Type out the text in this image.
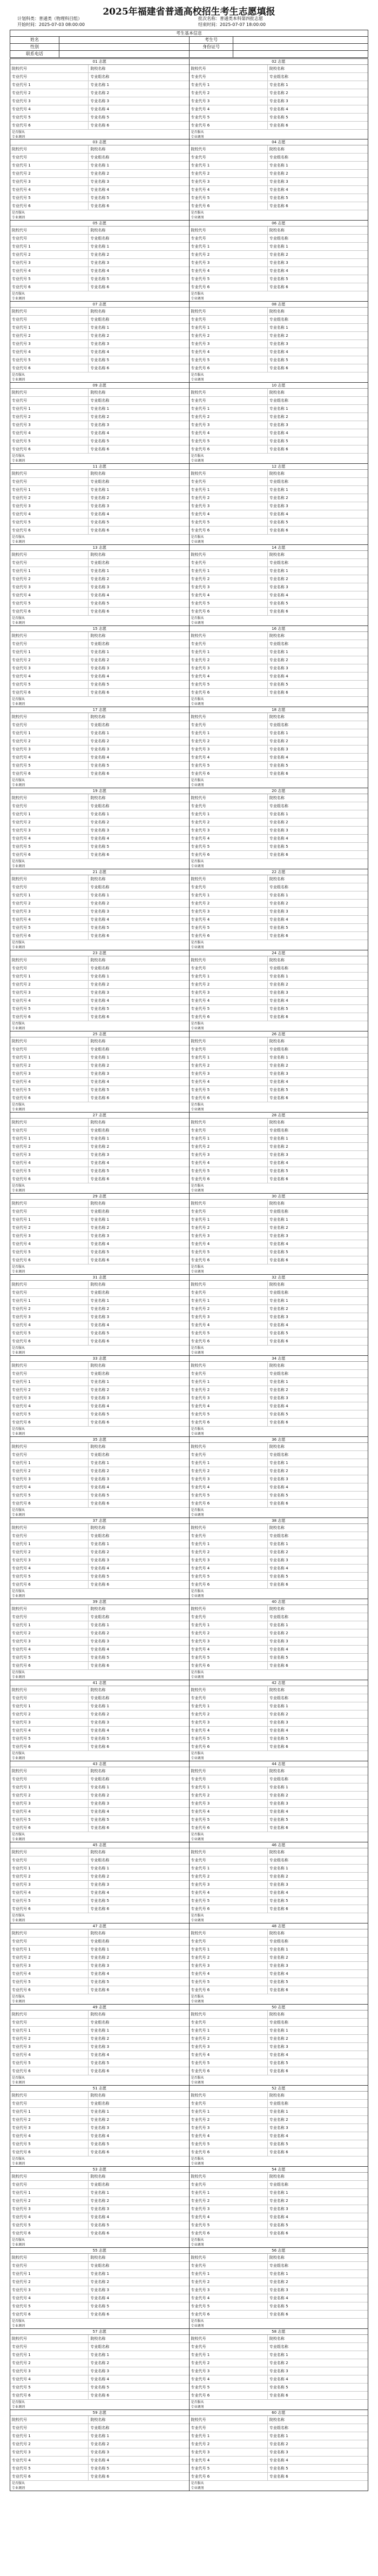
2025年福建省普通高校招生考生志愿填报
计划科类：普通类（物理科目组）	批次名称：普通类本科第四批志愿
开始时间：2025-07-03 08:00:00	结束时间：2025-07-07 18:00:00
考生基本信息
姓名	考生号
性别	身份证号
联系电话
01 志愿
院校代号	院校名称
专业代号	专业组名称
专业代号 1	专业名称 1
专业代号 2	专业名称 2
专业代号 3	专业名称 3
专业代号 4	专业名称 4
专业代号 5	专业名称 5
专业代号 6	专业名称 6
是否服从
专业调剂
02 志愿
院校代号	院校名称
专业代号	专业组名称
专业代号 1	专业名称 1
专业代号 2	专业名称 2
专业代号 3	专业名称 3
专业代号 4	专业名称 4
专业代号 5	专业名称 5
专业代号 6	专业名称 6
是否服从
专业调剂
03 志愿
院校代号	院校名称
专业代号	专业组名称
专业代号 1	专业名称 1
专业代号 2	专业名称 2
专业代号 3	专业名称 3
专业代号 4	专业名称 4
专业代号 5	专业名称 5
专业代号 6	专业名称 6
是否服从
专业调剂
04 志愿
院校代号	院校名称
专业代号	专业组名称
专业代号 1	专业名称 1
专业代号 2	专业名称 2
专业代号 3	专业名称 3
专业代号 4	专业名称 4
专业代号 5	专业名称 5
专业代号 6	专业名称 6
是否服从
专业调剂
05 志愿
院校代号	院校名称
专业代号	专业组名称
专业代号 1	专业名称 1
专业代号 2	专业名称 2
专业代号 3	专业名称 3
专业代号 4	专业名称 4
专业代号 5	专业名称 5
专业代号 6	专业名称 6
是否服从
专业调剂
06 志愿
院校代号	院校名称
专业代号	专业组名称
专业代号 1	专业名称 1
专业代号 2	专业名称 2
专业代号 3	专业名称 3
专业代号 4	专业名称 4
专业代号 5	专业名称 5
专业代号 6	专业名称 6
是否服从
专业调剂
07 志愿
院校代号	院校名称
专业代号	专业组名称
专业代号 1	专业名称 1
专业代号 2	专业名称 2
专业代号 3	专业名称 3
专业代号 4	专业名称 4
专业代号 5	专业名称 5
专业代号 6	专业名称 6
是否服从
专业调剂
08 志愿
院校代号	院校名称
专业代号	专业组名称
专业代号 1	专业名称 1
专业代号 2	专业名称 2
专业代号 3	专业名称 3
专业代号 4	专业名称 4
专业代号 5	专业名称 5
专业代号 6	专业名称 6
是否服从
专业调剂
09 志愿
院校代号	院校名称
专业代号	专业组名称
专业代号 1	专业名称 1
专业代号 2	专业名称 2
专业代号 3	专业名称 3
专业代号 4	专业名称 4
专业代号 5	专业名称 5
专业代号 6	专业名称 6
是否服从
专业调剂
10 志愿
院校代号	院校名称
专业代号	专业组名称
专业代号 1	专业名称 1
专业代号 2	专业名称 2
专业代号 3	专业名称 3
专业代号 4	专业名称 4
专业代号 5	专业名称 5
专业代号 6	专业名称 6
是否服从
专业调剂
11 志愿
院校代号	院校名称
专业代号	专业组名称
专业代号 1	专业名称 1
专业代号 2	专业名称 2
专业代号 3	专业名称 3
专业代号 4	专业名称 4
专业代号 5	专业名称 5
专业代号 6	专业名称 6
是否服从
专业调剂
12 志愿
院校代号	院校名称
专业代号	专业组名称
专业代号 1	专业名称 1
专业代号 2	专业名称 2
专业代号 3	专业名称 3
专业代号 4	专业名称 4
专业代号 5	专业名称 5
专业代号 6	专业名称 6
是否服从
专业调剂
13 志愿
院校代号	院校名称
专业代号	专业组名称
专业代号 1	专业名称 1
专业代号 2	专业名称 2
专业代号 3	专业名称 3
专业代号 4	专业名称 4
专业代号 5	专业名称 5
专业代号 6	专业名称 6
是否服从
专业调剂
14 志愿
院校代号	院校名称
专业代号	专业组名称
专业代号 1	专业名称 1
专业代号 2	专业名称 2
专业代号 3	专业名称 3
专业代号 4	专业名称 4
专业代号 5	专业名称 5
专业代号 6	专业名称 6
是否服从
专业调剂
15 志愿
院校代号	院校名称
专业代号	专业组名称
专业代号 1	专业名称 1
专业代号 2	专业名称 2
专业代号 3	专业名称 3
专业代号 4	专业名称 4
专业代号 5	专业名称 5
专业代号 6	专业名称 6
是否服从
专业调剂
16 志愿
院校代号	院校名称
专业代号	专业组名称
专业代号 1	专业名称 1
专业代号 2	专业名称 2
专业代号 3	专业名称 3
专业代号 4	专业名称 4
专业代号 5	专业名称 5
专业代号 6	专业名称 6
是否服从
专业调剂
17 志愿
院校代号	院校名称
专业代号	专业组名称
专业代号 1	专业名称 1
专业代号 2	专业名称 2
专业代号 3	专业名称 3
专业代号 4	专业名称 4
专业代号 5	专业名称 5
专业代号 6	专业名称 6
是否服从
专业调剂
18 志愿
院校代号	院校名称
专业代号	专业组名称
专业代号 1	专业名称 1
专业代号 2	专业名称 2
专业代号 3	专业名称 3
专业代号 4	专业名称 4
专业代号 5	专业名称 5
专业代号 6	专业名称 6
是否服从
专业调剂
19 志愿
院校代号	院校名称
专业代号	专业组名称
专业代号 1	专业名称 1
专业代号 2	专业名称 2
专业代号 3	专业名称 3
专业代号 4	专业名称 4
专业代号 5	专业名称 5
专业代号 6	专业名称 6
是否服从
专业调剂
20 志愿
院校代号	院校名称
专业代号	专业组名称
专业代号 1	专业名称 1
专业代号 2	专业名称 2
专业代号 3	专业名称 3
专业代号 4	专业名称 4
专业代号 5	专业名称 5
专业代号 6	专业名称 6
是否服从
专业调剂
21 志愿
院校代号	院校名称
专业代号	专业组名称
专业代号 1	专业名称 1
专业代号 2	专业名称 2
专业代号 3	专业名称 3
专业代号 4	专业名称 4
专业代号 5	专业名称 5
专业代号 6	专业名称 6
是否服从
专业调剂
22 志愿
院校代号	院校名称
专业代号	专业组名称
专业代号 1	专业名称 1
专业代号 2	专业名称 2
专业代号 3	专业名称 3
专业代号 4	专业名称 4
专业代号 5	专业名称 5
专业代号 6	专业名称 6
是否服从
专业调剂
23 志愿
院校代号	院校名称
专业代号	专业组名称
专业代号 1	专业名称 1
专业代号 2	专业名称 2
专业代号 3	专业名称 3
专业代号 4	专业名称 4
专业代号 5	专业名称 5
专业代号 6	专业名称 6
是否服从
专业调剂
24 志愿
院校代号	院校名称
专业代号	专业组名称
专业代号 1	专业名称 1
专业代号 2	专业名称 2
专业代号 3	专业名称 3
专业代号 4	专业名称 4
专业代号 5	专业名称 5
专业代号 6	专业名称 6
是否服从
专业调剂
25 志愿
院校代号	院校名称
专业代号	专业组名称
专业代号 1	专业名称 1
专业代号 2	专业名称 2
专业代号 3	专业名称 3
专业代号 4	专业名称 4
专业代号 5	专业名称 5
专业代号 6	专业名称 6
是否服从
专业调剂
26 志愿
院校代号	院校名称
专业代号	专业组名称
专业代号 1	专业名称 1
专业代号 2	专业名称 2
专业代号 3	专业名称 3
专业代号 4	专业名称 4
专业代号 5	专业名称 5
专业代号 6	专业名称 6
是否服从
专业调剂
27 志愿
院校代号	院校名称
专业代号	专业组名称
专业代号 1	专业名称 1
专业代号 2	专业名称 2
专业代号 3	专业名称 3
专业代号 4	专业名称 4
专业代号 5	专业名称 5
专业代号 6	专业名称 6
是否服从
专业调剂
28 志愿
院校代号	院校名称
专业代号	专业组名称
专业代号 1	专业名称 1
专业代号 2	专业名称 2
专业代号 3	专业名称 3
专业代号 4	专业名称 4
专业代号 5	专业名称 5
专业代号 6	专业名称 6
是否服从
专业调剂
29 志愿
院校代号	院校名称
专业代号	专业组名称
专业代号 1	专业名称 1
专业代号 2	专业名称 2
专业代号 3	专业名称 3
专业代号 4	专业名称 4
专业代号 5	专业名称 5
专业代号 6	专业名称 6
是否服从
专业调剂
30 志愿
院校代号	院校名称
专业代号	专业组名称
专业代号 1	专业名称 1
专业代号 2	专业名称 2
专业代号 3	专业名称 3
专业代号 4	专业名称 4
专业代号 5	专业名称 5
专业代号 6	专业名称 6
是否服从
专业调剂
31 志愿
院校代号	院校名称
专业代号	专业组名称
专业代号 1	专业名称 1
专业代号 2	专业名称 2
专业代号 3	专业名称 3
专业代号 4	专业名称 4
专业代号 5	专业名称 5
专业代号 6	专业名称 6
是否服从
专业调剂
32 志愿
院校代号	院校名称
专业代号	专业组名称
专业代号 1	专业名称 1
专业代号 2	专业名称 2
专业代号 3	专业名称 3
专业代号 4	专业名称 4
专业代号 5	专业名称 5
专业代号 6	专业名称 6
是否服从
专业调剂
33 志愿
院校代号	院校名称
专业代号	专业组名称
专业代号 1	专业名称 1
专业代号 2	专业名称 2
专业代号 3	专业名称 3
专业代号 4	专业名称 4
专业代号 5	专业名称 5
专业代号 6	专业名称 6
是否服从
专业调剂
34 志愿
院校代号	院校名称
专业代号	专业组名称
专业代号 1	专业名称 1
专业代号 2	专业名称 2
专业代号 3	专业名称 3
专业代号 4	专业名称 4
专业代号 5	专业名称 5
专业代号 6	专业名称 6
是否服从
专业调剂
35 志愿
院校代号	院校名称
专业代号	专业组名称
专业代号 1	专业名称 1
专业代号 2	专业名称 2
专业代号 3	专业名称 3
专业代号 4	专业名称 4
专业代号 5	专业名称 5
专业代号 6	专业名称 6
是否服从
专业调剂
36 志愿
院校代号	院校名称
专业代号	专业组名称
专业代号 1	专业名称 1
专业代号 2	专业名称 2
专业代号 3	专业名称 3
专业代号 4	专业名称 4
专业代号 5	专业名称 5
专业代号 6	专业名称 6
是否服从
专业调剂
37 志愿
院校代号	院校名称
专业代号	专业组名称
专业代号 1	专业名称 1
专业代号 2	专业名称 2
专业代号 3	专业名称 3
专业代号 4	专业名称 4
专业代号 5	专业名称 5
专业代号 6	专业名称 6
是否服从
专业调剂
38 志愿
院校代号	院校名称
专业代号	专业组名称
专业代号 1	专业名称 1
专业代号 2	专业名称 2
专业代号 3	专业名称 3
专业代号 4	专业名称 4
专业代号 5	专业名称 5
专业代号 6	专业名称 6
是否服从
专业调剂
39 志愿
院校代号	院校名称
专业代号	专业组名称
专业代号 1	专业名称 1
专业代号 2	专业名称 2
专业代号 3	专业名称 3
专业代号 4	专业名称 4
专业代号 5	专业名称 5
专业代号 6	专业名称 6
是否服从
专业调剂
40 志愿
院校代号	院校名称
专业代号	专业组名称
专业代号 1	专业名称 1
专业代号 2	专业名称 2
专业代号 3	专业名称 3
专业代号 4	专业名称 4
专业代号 5	专业名称 5
专业代号 6	专业名称 6
是否服从
专业调剂
41 志愿
院校代号	院校名称
专业代号	专业组名称
专业代号 1	专业名称 1
专业代号 2	专业名称 2
专业代号 3	专业名称 3
专业代号 4	专业名称 4
专业代号 5	专业名称 5
专业代号 6	专业名称 6
是否服从
专业调剂
42 志愿
院校代号	院校名称
专业代号	专业组名称
专业代号 1	专业名称 1
专业代号 2	专业名称 2
专业代号 3	专业名称 3
专业代号 4	专业名称 4
专业代号 5	专业名称 5
专业代号 6	专业名称 6
是否服从
专业调剂
43 志愿
院校代号	院校名称
专业代号	专业组名称
专业代号 1	专业名称 1
专业代号 2	专业名称 2
专业代号 3	专业名称 3
专业代号 4	专业名称 4
专业代号 5	专业名称 5
专业代号 6	专业名称 6
是否服从
专业调剂
44 志愿
院校代号	院校名称
专业代号	专业组名称
专业代号 1	专业名称 1
专业代号 2	专业名称 2
专业代号 3	专业名称 3
专业代号 4	专业名称 4
专业代号 5	专业名称 5
专业代号 6	专业名称 6
是否服从
专业调剂
45 志愿
院校代号	院校名称
专业代号	专业组名称
专业代号 1	专业名称 1
专业代号 2	专业名称 2
专业代号 3	专业名称 3
专业代号 4	专业名称 4
专业代号 5	专业名称 5
专业代号 6	专业名称 6
是否服从
专业调剂
46 志愿
院校代号	院校名称
专业代号	专业组名称
专业代号 1	专业名称 1
专业代号 2	专业名称 2
专业代号 3	专业名称 3
专业代号 4	专业名称 4
专业代号 5	专业名称 5
专业代号 6	专业名称 6
是否服从
专业调剂
47 志愿
院校代号	院校名称
专业代号	专业组名称
专业代号 1	专业名称 1
专业代号 2	专业名称 2
专业代号 3	专业名称 3
专业代号 4	专业名称 4
专业代号 5	专业名称 5
专业代号 6	专业名称 6
是否服从
专业调剂
48 志愿
院校代号	院校名称
专业代号	专业组名称
专业代号 1	专业名称 1
专业代号 2	专业名称 2
专业代号 3	专业名称 3
专业代号 4	专业名称 4
专业代号 5	专业名称 5
专业代号 6	专业名称 6
是否服从
专业调剂
49 志愿
院校代号	院校名称
专业代号	专业组名称
专业代号 1	专业名称 1
专业代号 2	专业名称 2
专业代号 3	专业名称 3
专业代号 4	专业名称 4
专业代号 5	专业名称 5
专业代号 6	专业名称 6
是否服从
专业调剂
50 志愿
院校代号	院校名称
专业代号	专业组名称
专业代号 1	专业名称 1
专业代号 2	专业名称 2
专业代号 3	专业名称 3
专业代号 4	专业名称 4
专业代号 5	专业名称 5
专业代号 6	专业名称 6
是否服从
专业调剂
51 志愿
院校代号	院校名称
专业代号	专业组名称
专业代号 1	专业名称 1
专业代号 2	专业名称 2
专业代号 3	专业名称 3
专业代号 4	专业名称 4
专业代号 5	专业名称 5
专业代号 6	专业名称 6
是否服从
专业调剂
52 志愿
院校代号	院校名称
专业代号	专业组名称
专业代号 1	专业名称 1
专业代号 2	专业名称 2
专业代号 3	专业名称 3
专业代号 4	专业名称 4
专业代号 5	专业名称 5
专业代号 6	专业名称 6
是否服从
专业调剂
53 志愿
院校代号	院校名称
专业代号	专业组名称
专业代号 1	专业名称 1
专业代号 2	专业名称 2
专业代号 3	专业名称 3
专业代号 4	专业名称 4
专业代号 5	专业名称 5
专业代号 6	专业名称 6
是否服从
专业调剂
54 志愿
院校代号	院校名称
专业代号	专业组名称
专业代号 1	专业名称 1
专业代号 2	专业名称 2
专业代号 3	专业名称 3
专业代号 4	专业名称 4
专业代号 5	专业名称 5
专业代号 6	专业名称 6
是否服从
专业调剂
55 志愿
院校代号	院校名称
专业代号	专业组名称
专业代号 1	专业名称 1
专业代号 2	专业名称 2
专业代号 3	专业名称 3
专业代号 4	专业名称 4
专业代号 5	专业名称 5
专业代号 6	专业名称 6
是否服从
专业调剂
56 志愿
院校代号	院校名称
专业代号	专业组名称
专业代号 1	专业名称 1
专业代号 2	专业名称 2
专业代号 3	专业名称 3
专业代号 4	专业名称 4
专业代号 5	专业名称 5
专业代号 6	专业名称 6
是否服从
专业调剂
57 志愿
院校代号	院校名称
专业代号	专业组名称
专业代号 1	专业名称 1
专业代号 2	专业名称 2
专业代号 3	专业名称 3
专业代号 4	专业名称 4
专业代号 5	专业名称 5
专业代号 6	专业名称 6
是否服从
专业调剂
58 志愿
院校代号	院校名称
专业代号	专业组名称
专业代号 1	专业名称 1
专业代号 2	专业名称 2
专业代号 3	专业名称 3
专业代号 4	专业名称 4
专业代号 5	专业名称 5
专业代号 6	专业名称 6
是否服从
专业调剂
59 志愿
院校代号	院校名称
专业代号	专业组名称
专业代号 1	专业名称 1
专业代号 2	专业名称 2
专业代号 3	专业名称 3
专业代号 4	专业名称 4
专业代号 5	专业名称 5
专业代号 6	专业名称 6
是否服从
专业调剂
60 志愿
院校代号	院校名称
专业代号	专业组名称
专业代号 1	专业名称 1
专业代号 2	专业名称 2
专业代号 3	专业名称 3
专业代号 4	专业名称 4
专业代号 5	专业名称 5
专业代号 6	专业名称 6
是否服从
专业调剂
